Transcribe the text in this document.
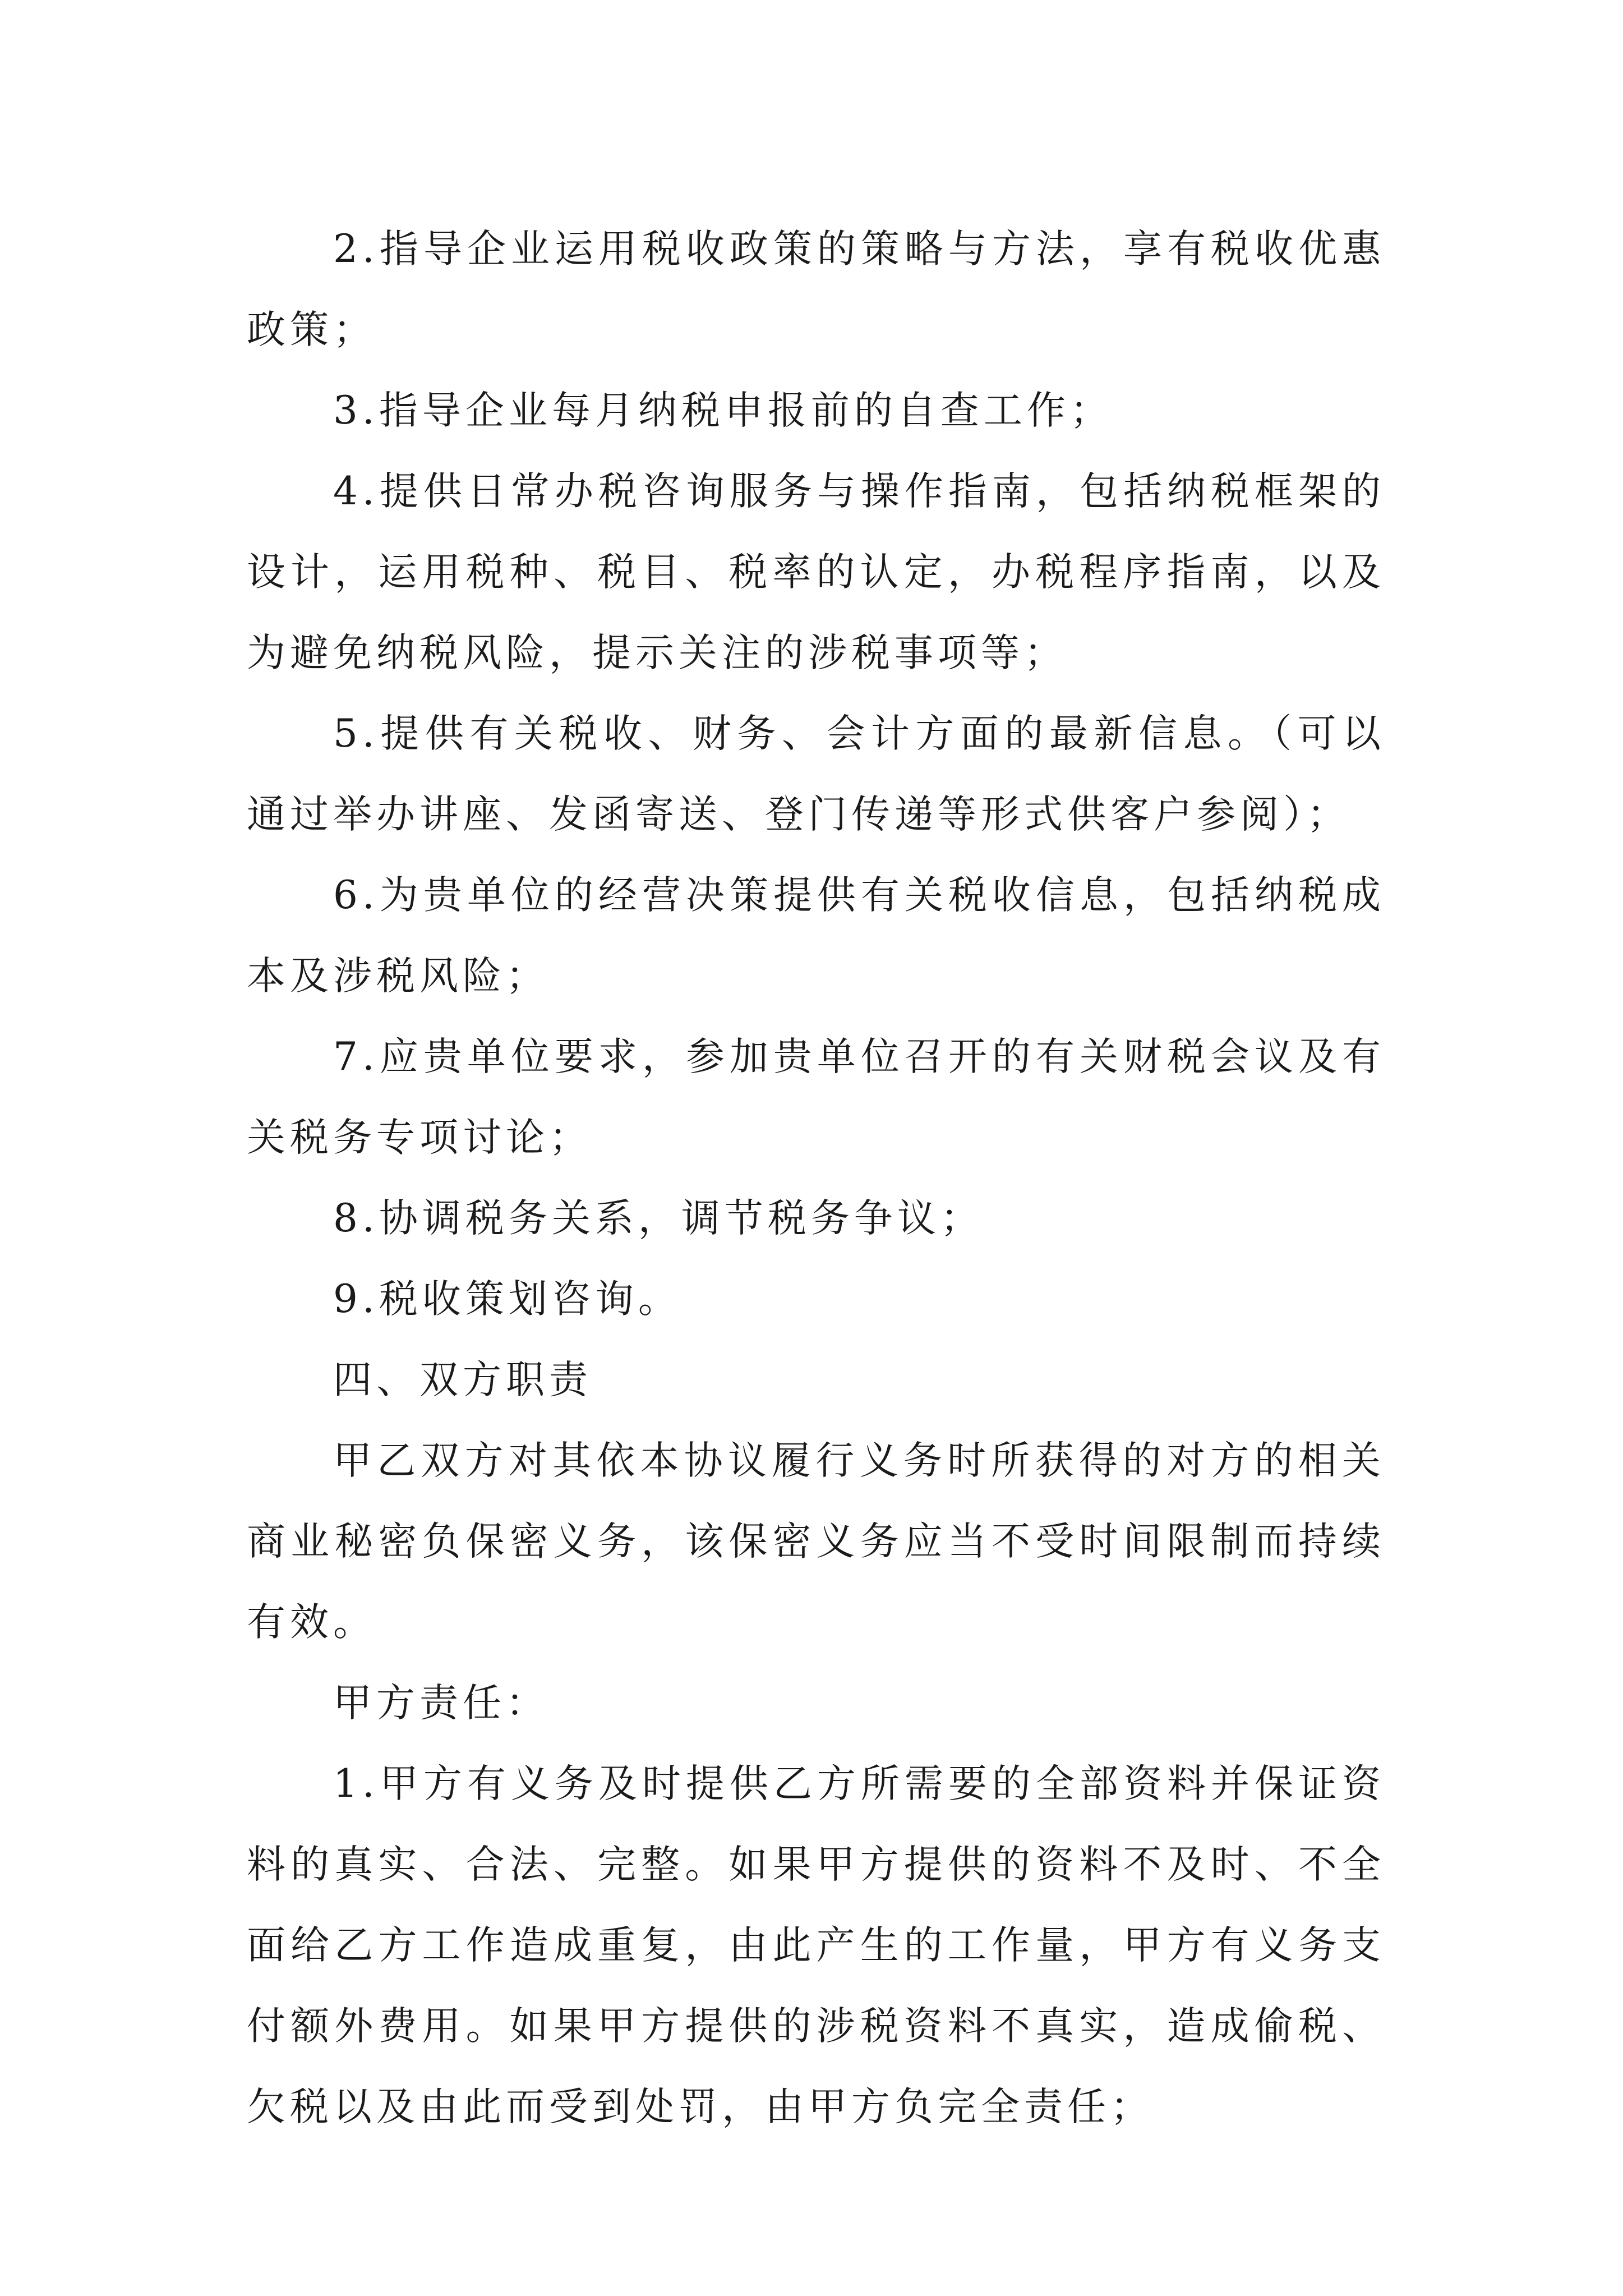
2.指导企业运用税收政策的策略与方法，享有税收优惠政策；

3.指导企业每月纳税申报前的自查工作；

4.提供日常办税咨询服务与操作指南，包括纳税框架的设计，运用税种、税目、税率的认定，办税程序指南，以及为避免纳税风险，提示关注的涉税事项等；

5.提供有关税收、财务、会计方面的最新信息。（可以通过举办讲座、发函寄送、登门传递等形式供客户参阅）；

6.为贵单位的经营决策提供有关税收信息，包括纳税成本及涉税风险；

7.应贵单位要求，参加贵单位召开的有关财税会议及有关税务专项讨论；

8.协调税务关系，调节税务争议；

9.税收策划咨询。

四、双方职责

甲乙双方对其依本协议履行义务时所获得的对方的相关商业秘密负保密义务，该保密义务应当不受时间限制而持续有效。

甲方责任：

1.甲方有义务及时提供乙方所需要的全部资料并保证资料的真实、合法、完整。如果甲方提供的资料不及时、不全面给乙方工作造成重复，由此产生的工作量，甲方有义务支付额外费用。如果甲方提供的涉税资料不真实，造成偷税、欠税以及由此而受到处罚，由甲方负完全责任；
